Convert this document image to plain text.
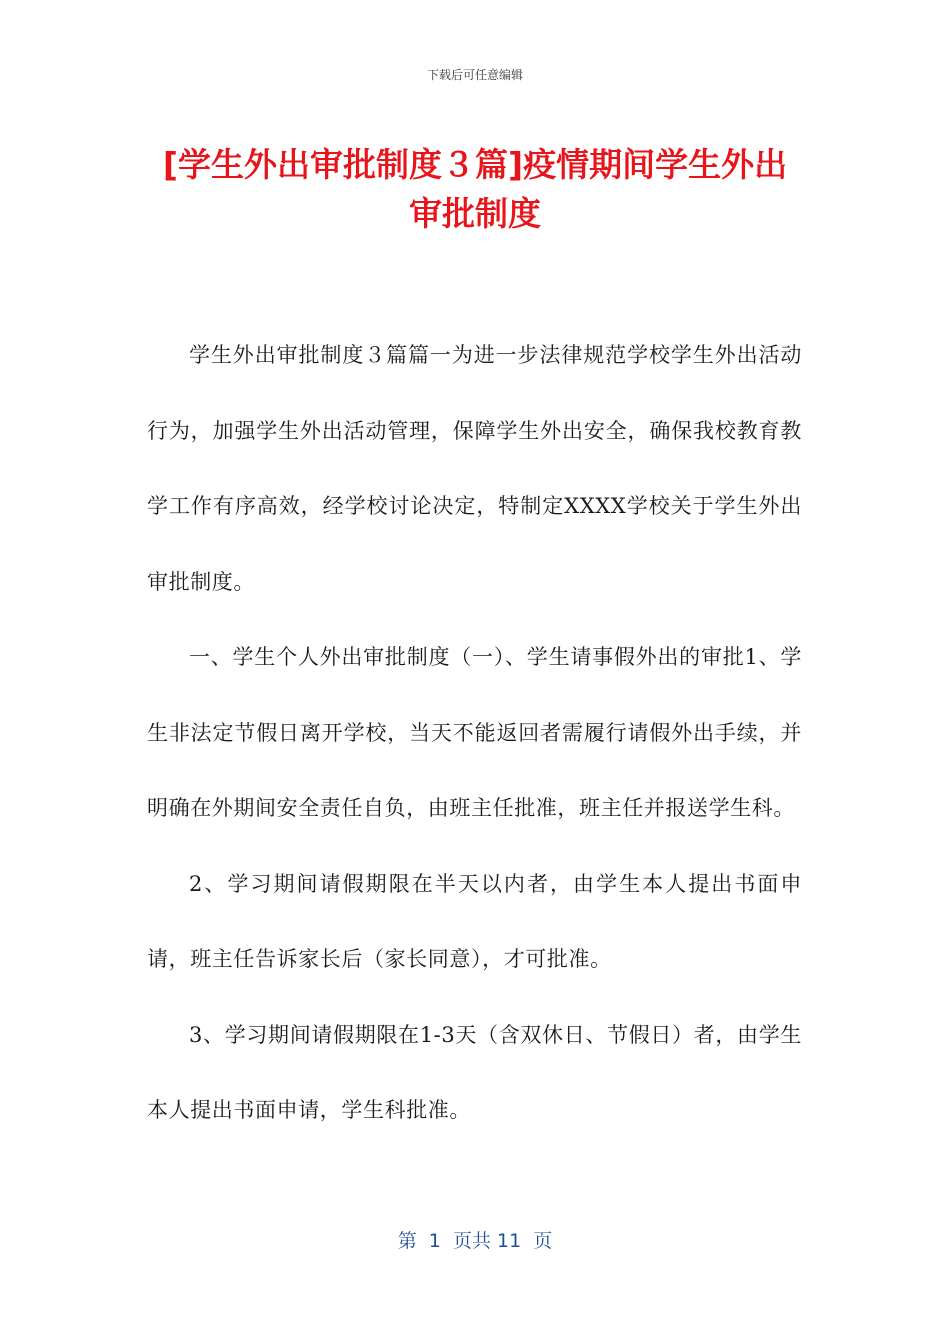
下载后可任意编辑
[学生外出审批制度３篇]疫情期间学生外出审批制度

学生外出审批制度３篇篇一为进一步法律规范学校学生外出活动行为，加强学生外出活动管理，保障学生外出安全，确保我校教育教学工作有序高效，经学校讨论决定，特制定XXXX学校关于学生外出审批制度。

一、学生个人外出审批制度（一）、学生请事假外出的审批1、学生非法定节假日离开学校，当天不能返回者需履行请假外出手续，并明确在外期间安全责任自负，由班主任批准，班主任并报送学生科。

2、学习期间请假期限在半天以内者，由学生本人提出书面申请，班主任告诉家长后（家长同意），才可批准。

3、学习期间请假期限在1-3天（含双休日、节假日）者，由学生本人提出书面申请，学生科批准。

第  1  页共 11  页
